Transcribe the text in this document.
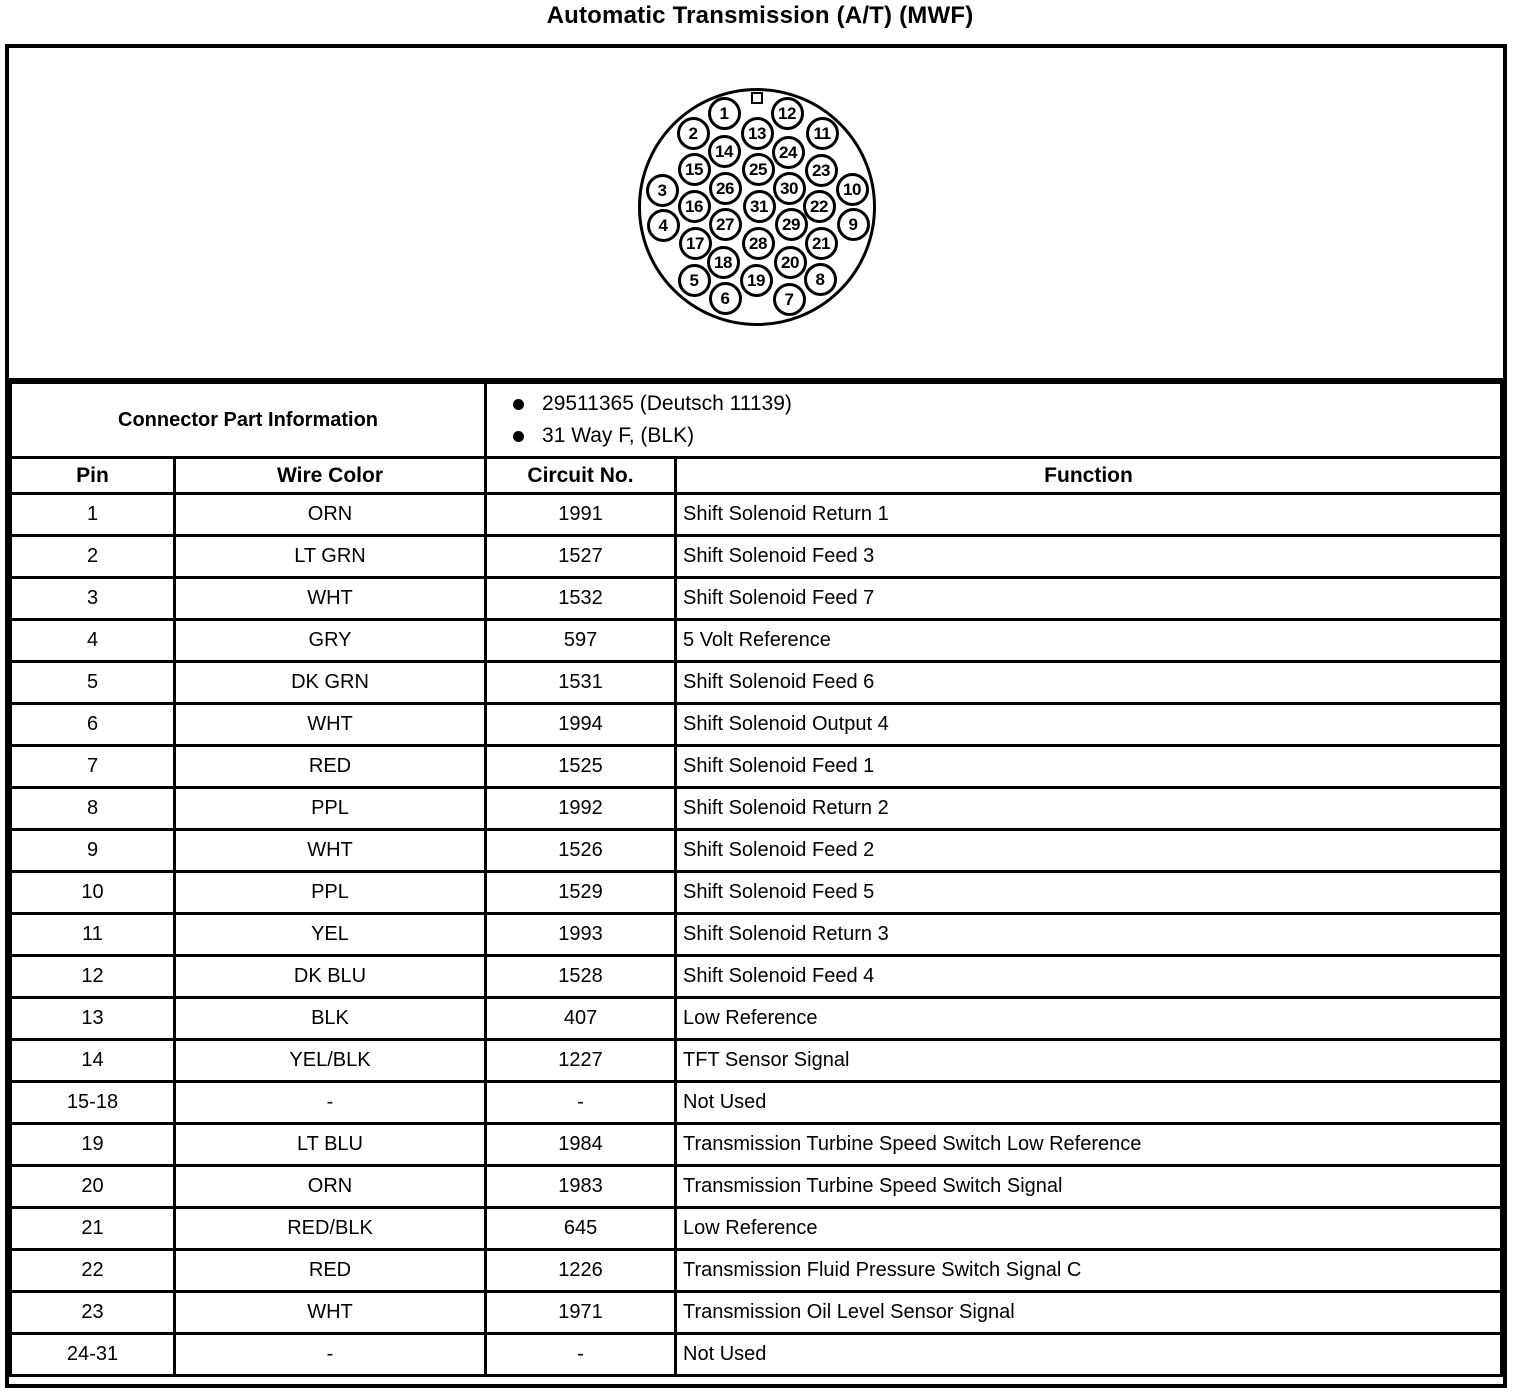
Automatic Transmission (A/T) (MWF)
1
2
3
4
5
6	7
8
9
10
11
12
13
14
15
16
17
18
19
20
21
22
23
24
25
26
27
28
29
30
31
Connector Part Information		29511365 (Deutsch 11139)
31 Way F, (BLK)	

Pin	Wire Color	Circuit No.	Function
1	ORN	1991	Shift Solenoid Return 1
2	LT GRN	1527	Shift Solenoid Feed 3
3	WHT	1532	Shift Solenoid Feed 7
4	GRY	597	5 Volt Reference
5	DK GRN	1531	Shift Solenoid Feed 6
6	WHT	1994	Shift Solenoid Output 4
7	RED	1525	Shift Solenoid Feed 1
8	PPL	1992	Shift Solenoid Return 2
9	WHT	1526	Shift Solenoid Feed 2
10	PPL	1529	Shift Solenoid Feed 5
11	YEL	1993	Shift Solenoid Return 3
12	DK BLU	1528	Shift Solenoid Feed 4
13	BLK	407	Low Reference
14	YEL/BLK	1227	TFT Sensor Signal
15-18	-	-	Not Used
19	LT BLU	1984	Transmission Turbine Speed Switch Low Reference
20	ORN	1983	Transmission Turbine Speed Switch Signal
21	RED/BLK	645	Low Reference
22	RED	1226	Transmission Fluid Pressure Switch Signal C
23	WHT	1971	Transmission Oil Level Sensor Signal
24-31	-	-	Not Used
